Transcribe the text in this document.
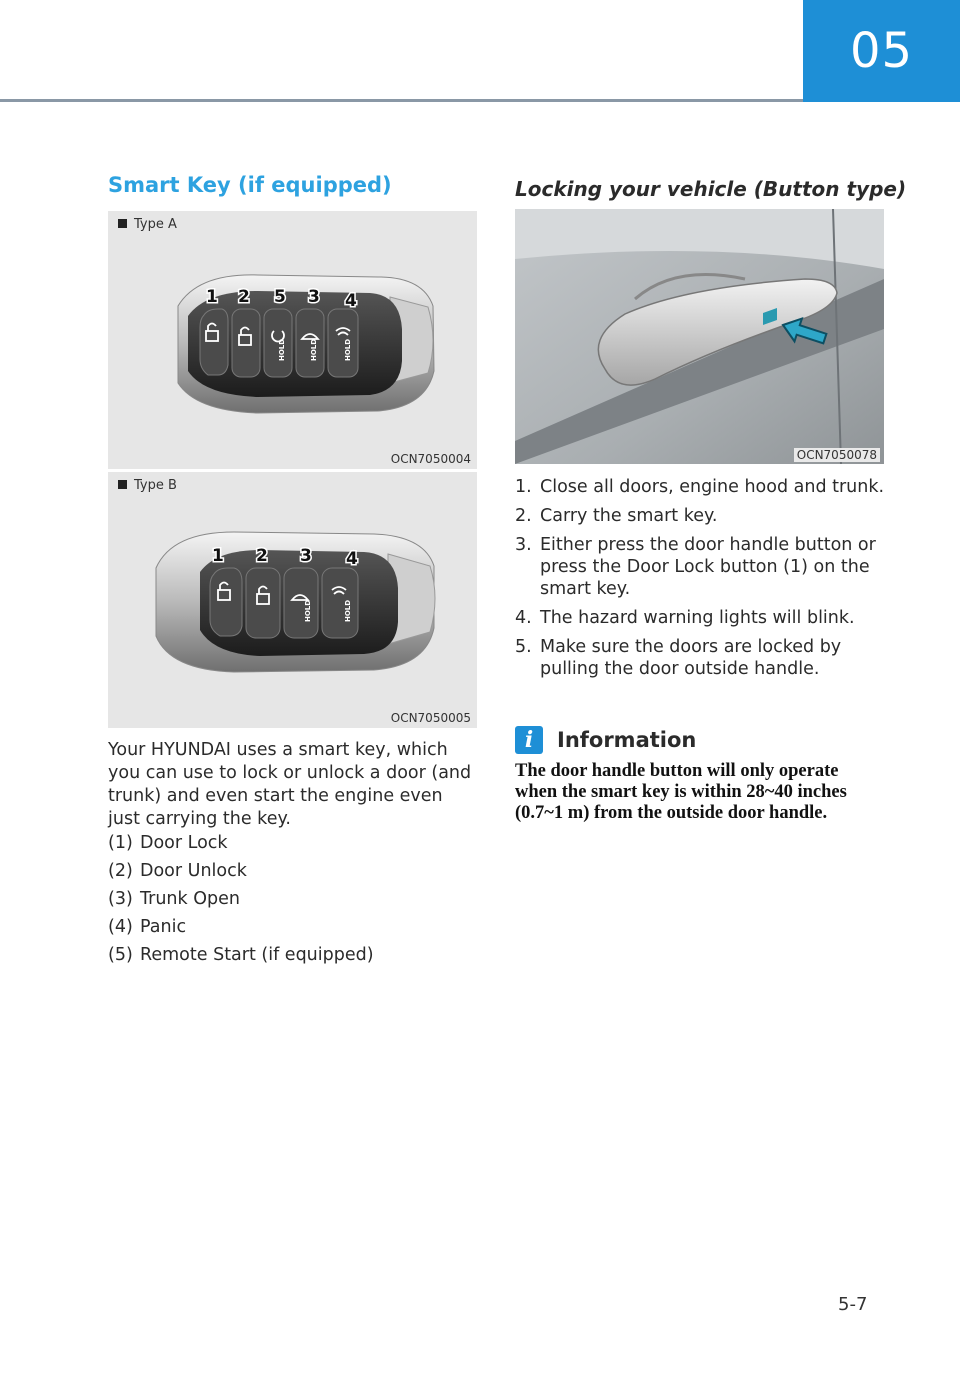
05
Smart Key (if equipped)
Type A
HOLD	HOLD	HOLD
1 2 5 3 4
OCN7050004
Type B
HOLD	HOLD
1 2 3 4
OCN7050005
Your HYUNDAI uses a smart key, which you can use to lock or unlock a door (and trunk) and even start the engine even just carrying the key.
(1) Door Lock
(2) Door Unlock
(3) Trunk Open
(4) Panic
(5) Remote Start (if equipped)
Locking your vehicle (Button type)
OCN7050078
1. Close all doors, engine hood and trunk.
2. Carry the smart key.
3. Either press the door handle button or press the Door Lock button (1) on the smart key.
4. The hazard warning lights will blink.
5. Make sure the doors are locked by pulling the door outside handle.
i	Information
The door handle button will only operate when the smart key is within 28~40 inches (0.7~1 m) from the outside door handle.
5-7
